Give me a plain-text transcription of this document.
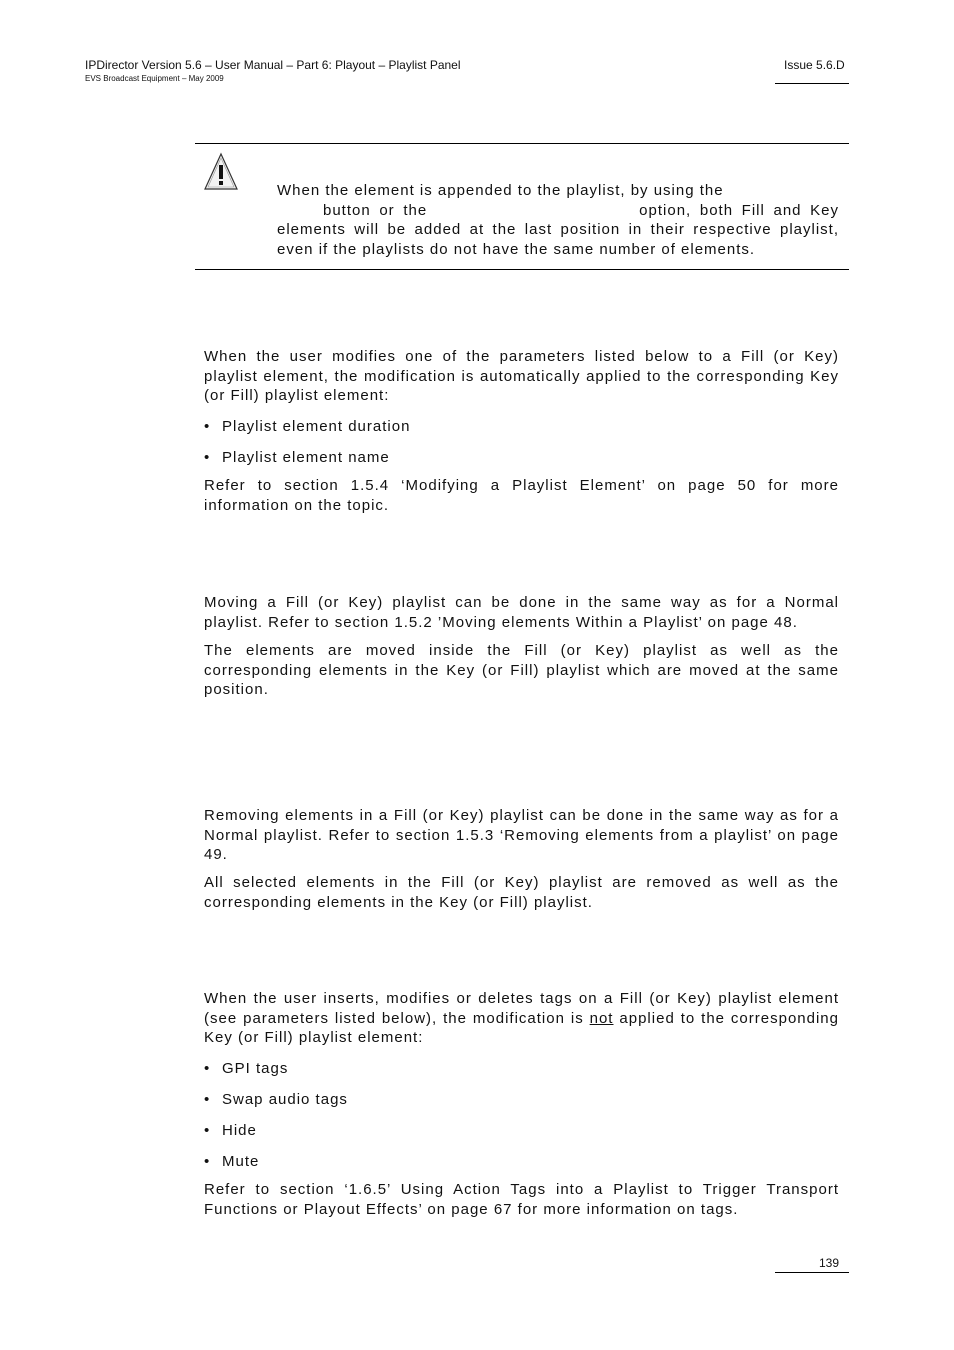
IPDirector Version 5.6 – User Manual – Part 6: Playout – Playlist Panel
EVS Broadcast Equipment – May 2009
Issue 5.6.D
When the element is appended to the playlist, by using the
button or the	option, both Fill and Key elements will be added at the last position in their respective playlist, even if the playlists do not have the same number of elements.

When the user modifies one of the parameters listed below to a Fill (or Key) playlist element, the modification is automatically applied to the corresponding Key (or Fill) playlist element:

• Playlist element duration
• Playlist element name

Refer to section 1.5.4 ‘Modifying a Playlist Element’ on page 50 for more information on the topic.

Moving a Fill (or Key) playlist can be done in the same way as for a Normal playlist. Refer to section 1.5.2 ’Moving elements Within a Playlist’ on page 48.

The elements are moved inside the Fill (or Key) playlist as well as the corresponding elements in the Key (or Fill) playlist which are moved at the same position.

Removing elements in a Fill (or Key) playlist can be done in the same way as for a Normal playlist. Refer to section 1.5.3 ‘Removing elements from a playlist’ on page 49.

All selected elements in the Fill (or Key) playlist are removed as well as the corresponding elements in the Key (or Fill) playlist.

When the user inserts, modifies or deletes tags on a Fill (or Key) playlist element (see parameters listed below), the modification is not applied to the corresponding Key (or Fill) playlist element:

• GPI tags
• Swap audio tags
• Hide
• Mute

Refer to section ‘1.6.5’ Using Action Tags into a Playlist to Trigger Transport Functions or Playout Effects’ on page 67 for more information on tags.

139
